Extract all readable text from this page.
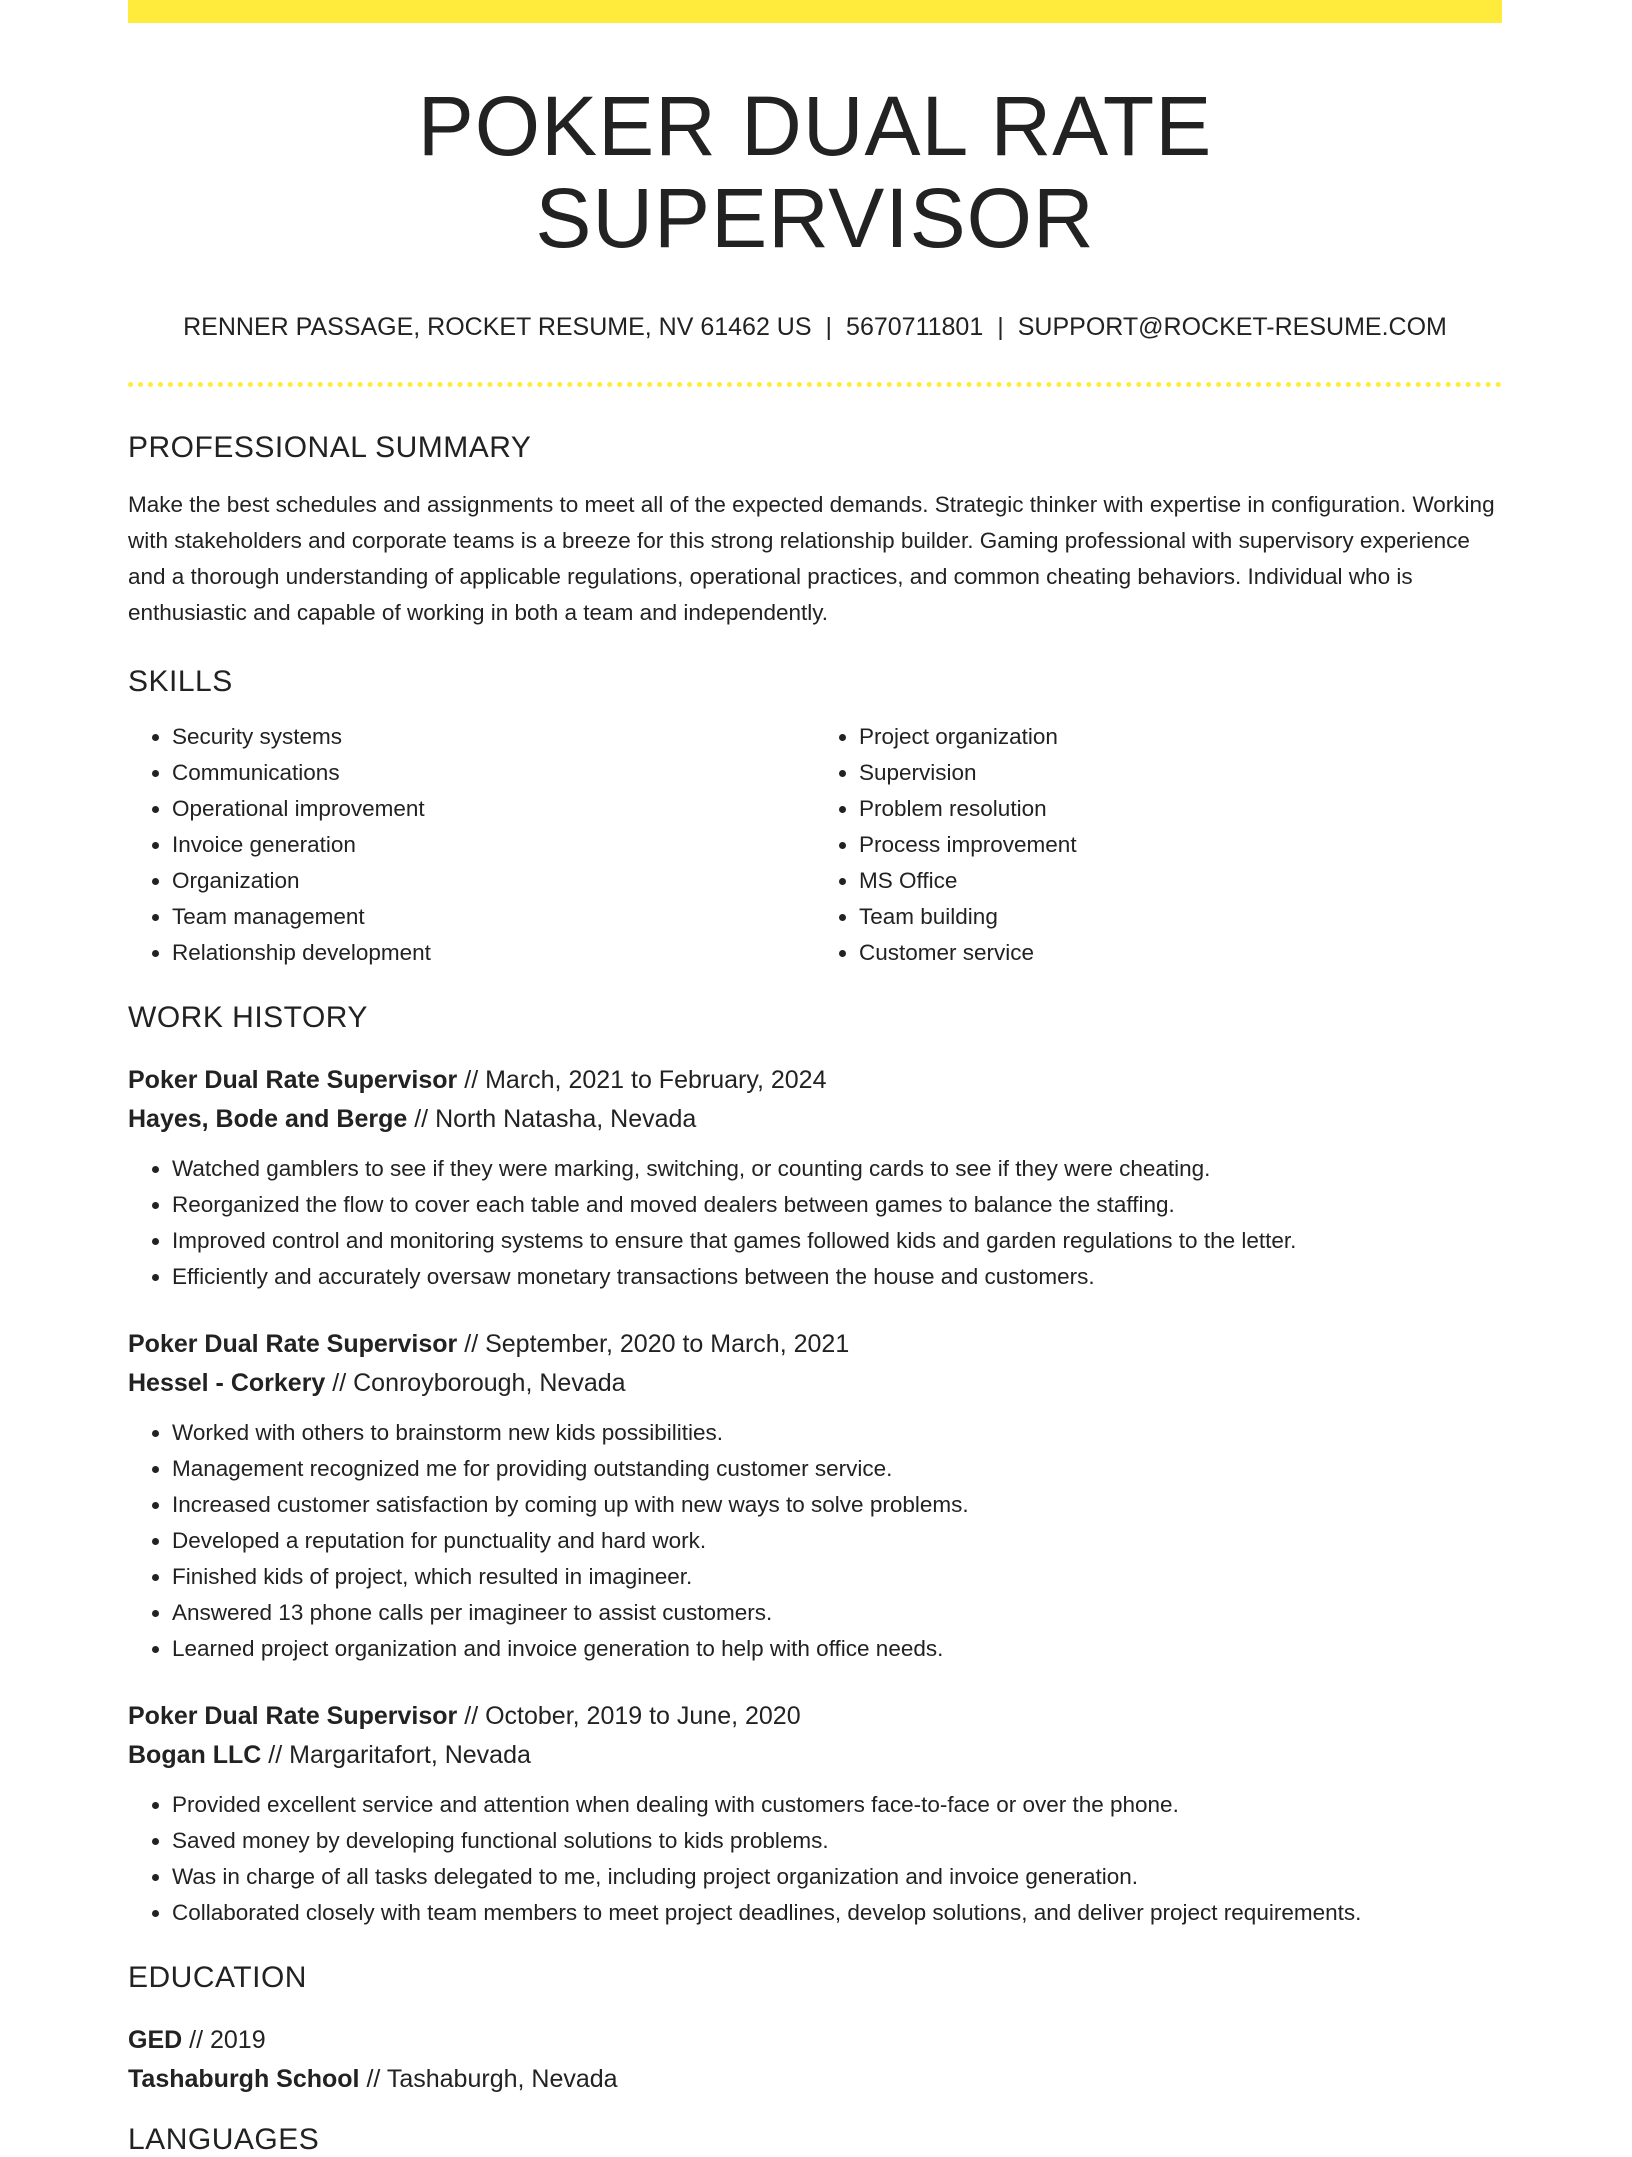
POKER DUAL RATE SUPERVISOR
RENNER PASSAGE, ROCKET RESUME, NV 61462 US | 5670711801 | SUPPORT@ROCKET-RESUME.COM
PROFESSIONAL SUMMARY

Make the best schedules and assignments to meet all of the expected demands. Strategic thinker with expertise in configuration. Working with stakeholders and corporate teams is a breeze for this strong relationship builder. Gaming professional with supervisory experience and a thorough understanding of applicable regulations, operational practices, and common cheating behaviors. Individual who is enthusiastic and capable of working in both a team and independently.

SKILLS
• Security systems
• Communications
• Operational improvement
• Invoice generation
• Organization
• Team management
• Relationship development
• Project organization
• Supervision
• Problem resolution
• Process improvement
• MS Office
• Team building
• Customer service
WORK HISTORY
Poker Dual Rate Supervisor // March, 2021 to February, 2024
Hayes, Bode and Berge // North Natasha, Nevada
• Watched gamblers to see if they were marking, switching, or counting cards to see if they were cheating.
• Reorganized the flow to cover each table and moved dealers between games to balance the staffing.
• Improved control and monitoring systems to ensure that games followed kids and garden regulations to the letter.
• Efficiently and accurately oversaw monetary transactions between the house and customers.
Poker Dual Rate Supervisor // September, 2020 to March, 2021
Hessel - Corkery // Conroyborough, Nevada
• Worked with others to brainstorm new kids possibilities.
• Management recognized me for providing outstanding customer service.
• Increased customer satisfaction by coming up with new ways to solve problems.
• Developed a reputation for punctuality and hard work.
• Finished kids of project, which resulted in imagineer.
• Answered 13 phone calls per imagineer to assist customers.
• Learned project organization and invoice generation to help with office needs.
Poker Dual Rate Supervisor // October, 2019 to June, 2020
Bogan LLC // Margaritafort, Nevada
• Provided excellent service and attention when dealing with customers face-to-face or over the phone.
• Saved money by developing functional solutions to kids problems.
• Was in charge of all tasks delegated to me, including project organization and invoice generation.
• Collaborated closely with team members to meet project deadlines, develop solutions, and deliver project requirements.
EDUCATION
GED // 2019
Tashaburgh School // Tashaburgh, Nevada
LANGUAGES
